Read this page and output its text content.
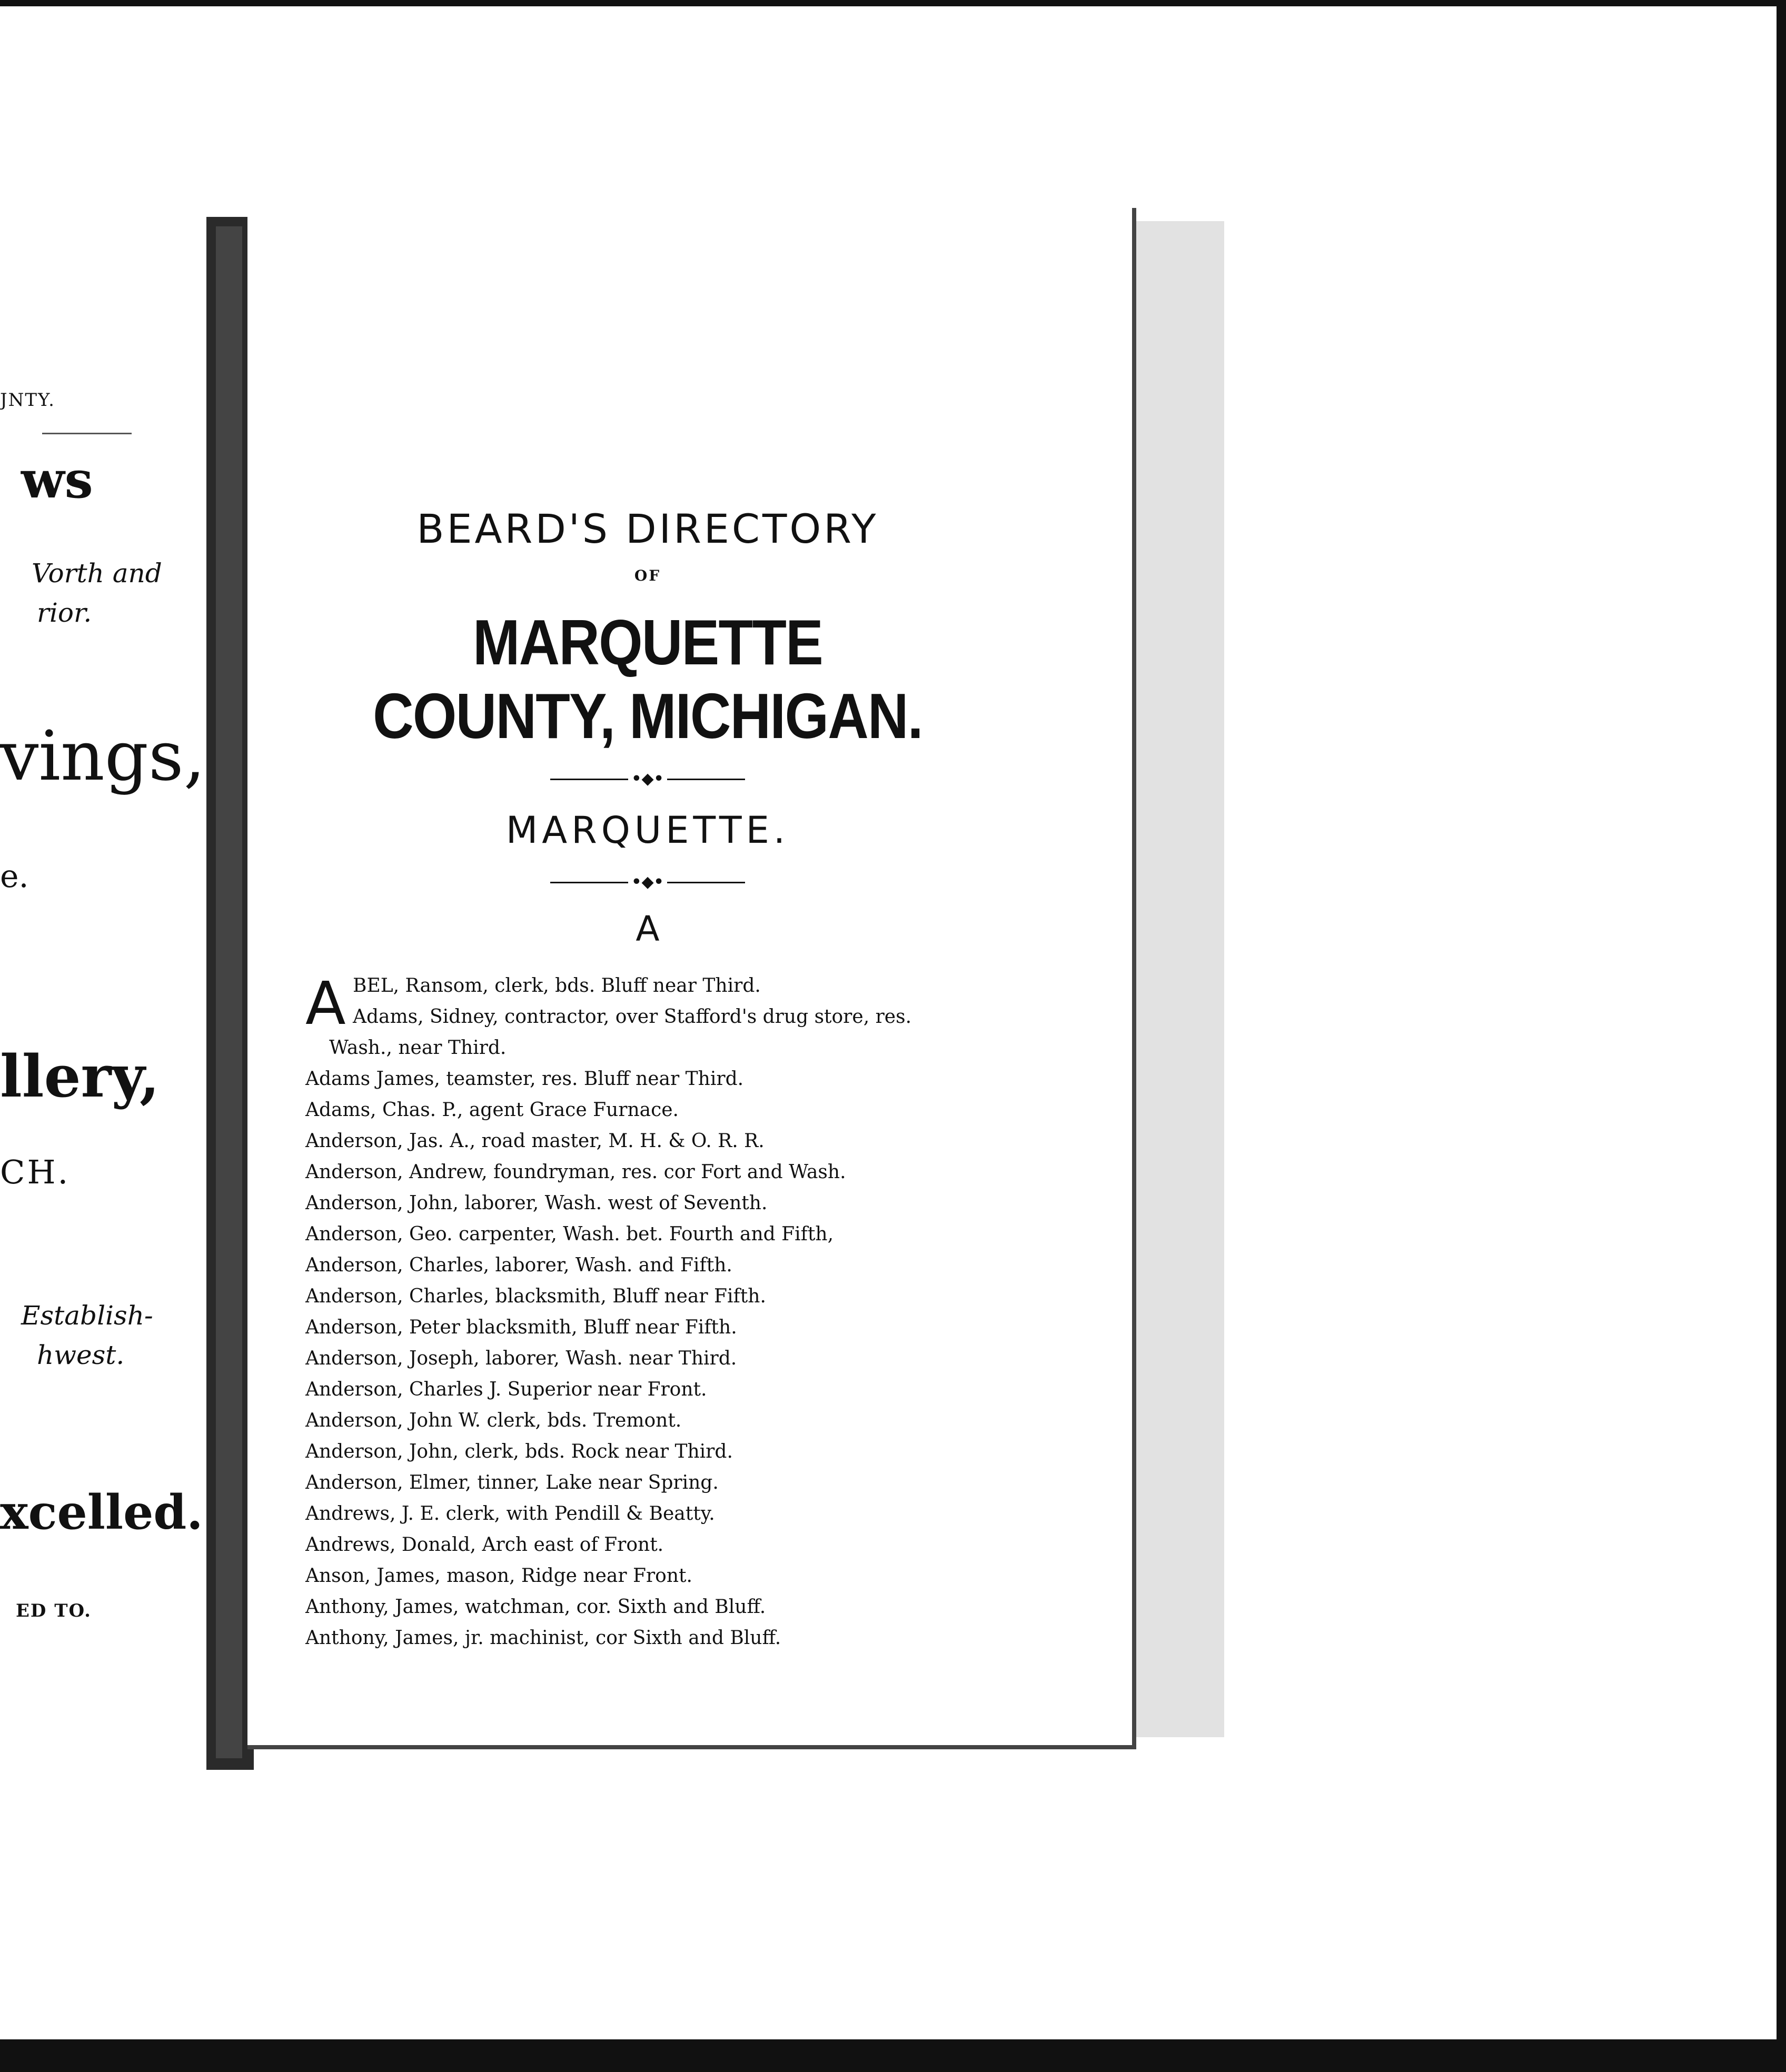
JNTY.
ws
Vorth and
rior.
vings,
e.
llery,
CH.
Establish-
hwest.
xcelled.
ED TO.
BEARD'S DIRECTORY
OF
MARQUETTE COUNTY, MICHIGAN.
•◆•
MARQUETTE.
•◆•
A
A BEL, Ransom, clerk, bds. Bluff near Third.
Adams, Sidney, contractor, over Stafford's drug store, res.
Wash., near Third.
Adams James, teamster, res. Bluff near Third.
Adams, Chas. P., agent Grace Furnace.
Anderson, Jas. A., road master, M. H. & O. R. R.
Anderson, Andrew, foundryman, res. cor Fort and Wash.
Anderson, John, laborer, Wash. west of Seventh.
Anderson, Geo. carpenter, Wash. bet. Fourth and Fifth,
Anderson, Charles, laborer, Wash. and Fifth.
Anderson, Charles, blacksmith, Bluff near Fifth.
Anderson, Peter blacksmith, Bluff near Fifth.
Anderson, Joseph, laborer, Wash. near Third.
Anderson, Charles J. Superior near Front.
Anderson, John W. clerk, bds. Tremont.
Anderson, John, clerk, bds. Rock near Third.
Anderson, Elmer, tinner, Lake near Spring.
Andrews, J. E. clerk, with Pendill & Beatty.
Andrews, Donald, Arch east of Front.
Anson, James, mason, Ridge near Front.
Anthony, James, watchman, cor. Sixth and Bluff.
Anthony, James, jr. machinist, cor Sixth and Bluff.
